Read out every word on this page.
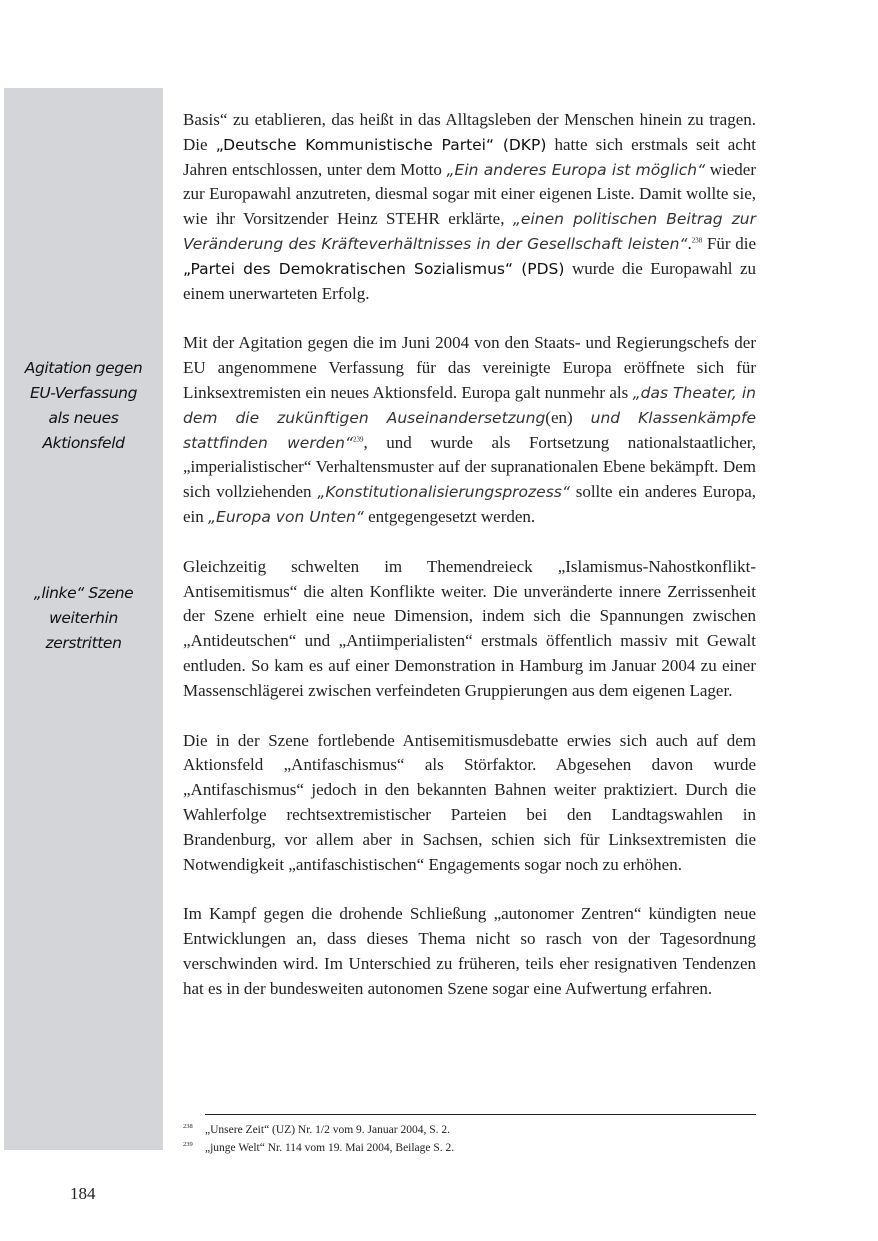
Agitation gegen
EU-Verfassung
als neues
Aktionsfeld
„linke“ Szene
weiterhin
zerstritten

Basis“ zu etablieren, das heißt in das Alltagsleben der Menschen hinein zu tragen. Die „Deutsche Kommunistische Partei“ (DKP) hatte sich erstmals seit acht Jahren entschlossen, unter dem Motto „Ein anderes Europa ist möglich“ wieder zur Europawahl anzutreten, diesmal sogar mit einer eigenen Liste. Damit wollte sie, wie ihr Vorsitzender Heinz STEHR erklärte, „einen politischen Beitrag zur Veränderung des Kräfteverhältnisses in der Gesellschaft leisten“.$^{238}$ Für die „Partei des Demokratischen Sozialismus“ (PDS) wurde die Europawahl zu einem unerwarteten Erfolg.

Mit der Agitation gegen die im Juni 2004 von den Staats- und Regierungschefs der EU angenommene Verfassung für das vereinigte Europa eröffnete sich für Linksextremisten ein neues Aktionsfeld. Europa galt nunmehr als „das Theater, in dem die zukünftigen Auseinandersetzung(en) und Klassenkämpfe stattfinden werden“$^{239}$, und wurde als Fortsetzung nationalstaatlicher, „imperialistischer“ Verhaltensmuster auf der supranationalen Ebene bekämpft. Dem sich vollziehenden „Konstitutionalisierungsprozess“ sollte ein anderes Europa, ein „Europa von Unten“ entgegengesetzt werden.

Gleichzeitig schwelten im Themendreieck „Islamismus-Nahostkonflikt-Antisemitismus“ die alten Konflikte weiter. Die unveränderte innere Zerrissenheit der Szene erhielt eine neue Dimension, indem sich die Spannungen zwischen „Antideutschen“ und „Antiimperialisten“ erstmals öffentlich massiv mit Gewalt entluden. So kam es auf einer Demonstration in Hamburg im Januar 2004 zu einer Massenschlägerei zwischen verfeindeten Gruppierungen aus dem eigenen Lager.

Die in der Szene fortlebende Antisemitismusdebatte erwies sich auch auf dem Aktionsfeld „Antifaschismus“ als Störfaktor. Abgesehen davon wurde „Antifaschismus“ jedoch in den bekannten Bahnen weiter praktiziert. Durch die Wahlerfolge rechtsextremistischer Parteien bei den Landtagswahlen in Brandenburg, vor allem aber in Sachsen, schien sich für Linksextremisten die Notwendigkeit „antifaschistischen“ Engagements sogar noch zu erhöhen.

Im Kampf gegen die drohende Schließung „autonomer Zentren“ kündigten neue Entwicklungen an, dass dieses Thema nicht so rasch von der Tagesordnung verschwinden wird. Im Unterschied zu früheren, teils eher resignativen Tendenzen hat es in der bundesweiten autonomen Szene sogar eine Aufwertung erfahren.

238	„Unsere Zeit“ (UZ) Nr. 1/2 vom 9. Januar 2004, S. 2.
239	„junge Welt“ Nr. 114 vom 19. Mai 2004, Beilage S. 2.
184
